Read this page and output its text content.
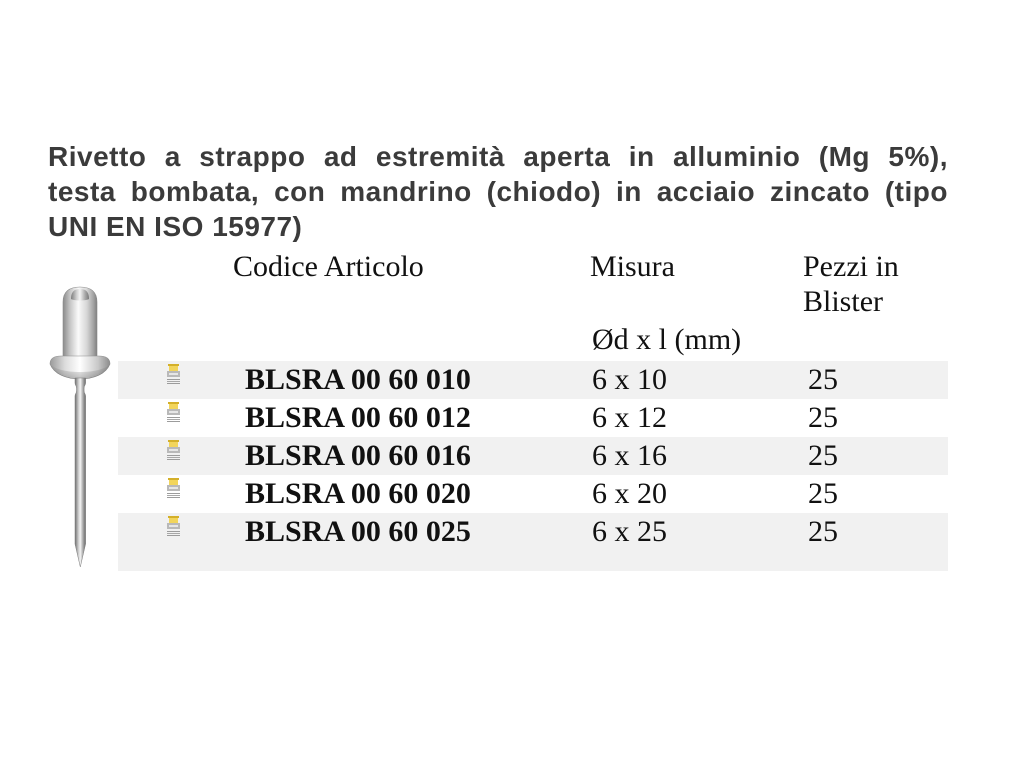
Rivetto a strappo ad estremità aperta in alluminio (Mg 5%),
testa bombata, con mandrino (chiodo) in acciaio zincato (tipo
UNI EN ISO 15977)
Codice Articolo	Misura	Pezzi in
Blister
Ød x l (mm)
BLSRA 00 60 010	6 x 10	25
BLSRA 00 60 012	6 x 12	25
BLSRA 00 60 016	6 x 16	25
BLSRA 00 60 020	6 x 20	25
BLSRA 00 60 025	6 x 25	25
